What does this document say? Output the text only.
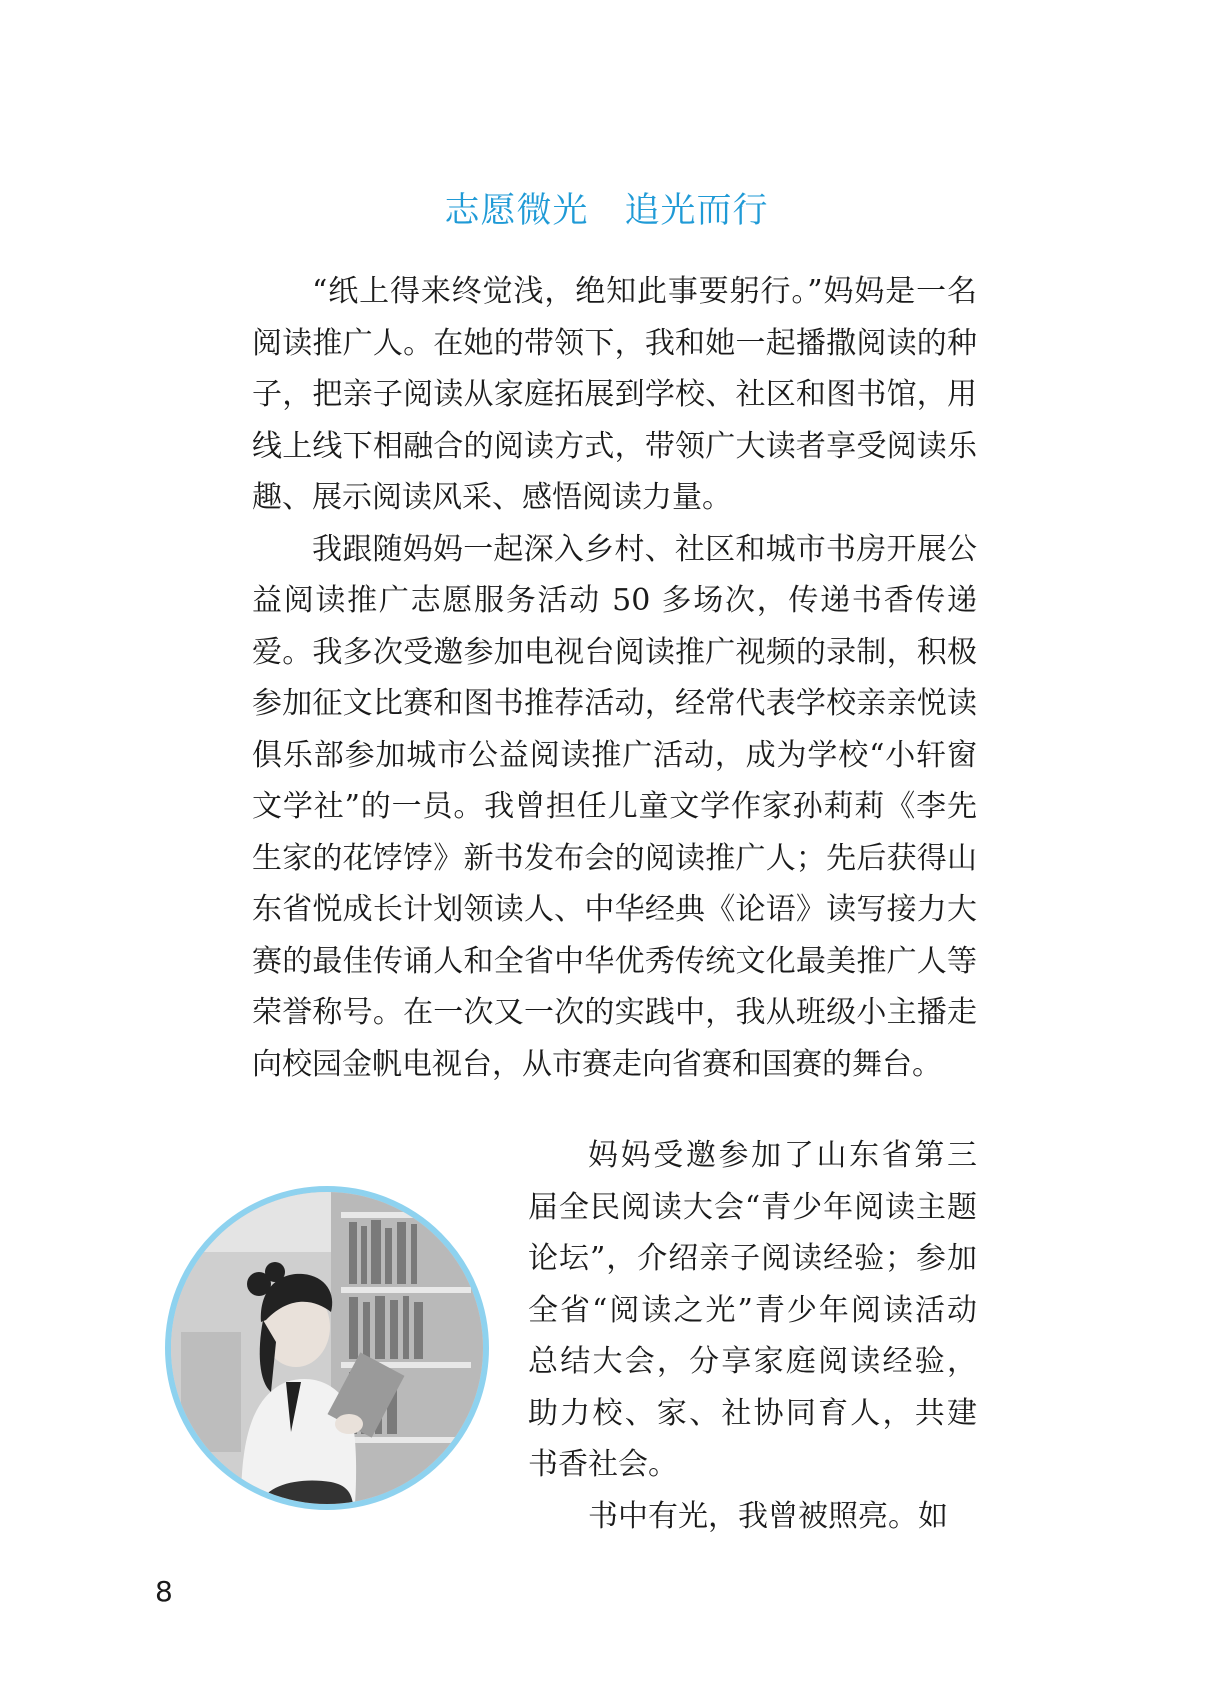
志愿微光　追光而行

“纸上得来终觉浅，绝知此事要躬行。”妈妈是一名阅读推广人。在她的带领下，我和她一起播撒阅读的种子，把亲子阅读从家庭拓展到学校、社区和图书馆，用线上线下相融合的阅读方式，带领广大读者享受阅读乐趣、展示阅读风采、感悟阅读力量。

我跟随妈妈一起深入乡村、社区和城市书房开展公益阅读推广志愿服务活动 50 多场次，传递书香传递爱。我多次受邀参加电视台阅读推广视频的录制，积极参加征文比赛和图书推荐活动，经常代表学校亲亲悦读俱乐部参加城市公益阅读推广活动，成为学校“小轩窗文学社”的一员。我曾担任儿童文学作家孙莉莉《李先生家的花饽饽》新书发布会的阅读推广人；先后获得山东省悦成长计划领读人、中华经典《论语》读写接力大赛的最佳传诵人和全省中华优秀传统文化最美推广人等荣誉称号。在一次又一次的实践中，我从班级小主播走向校园金帆电视台，从市赛走向省赛和国赛的舞台。

妈妈受邀参加了山东省第三届全民阅读大会“青少年阅读主题论坛”，介绍亲子阅读经验；参加全省“阅读之光”青少年阅读活动总结大会，分享家庭阅读经验，助力校、家、社协同育人，共建书香社会。

书中有光，我曾被照亮。如

8
